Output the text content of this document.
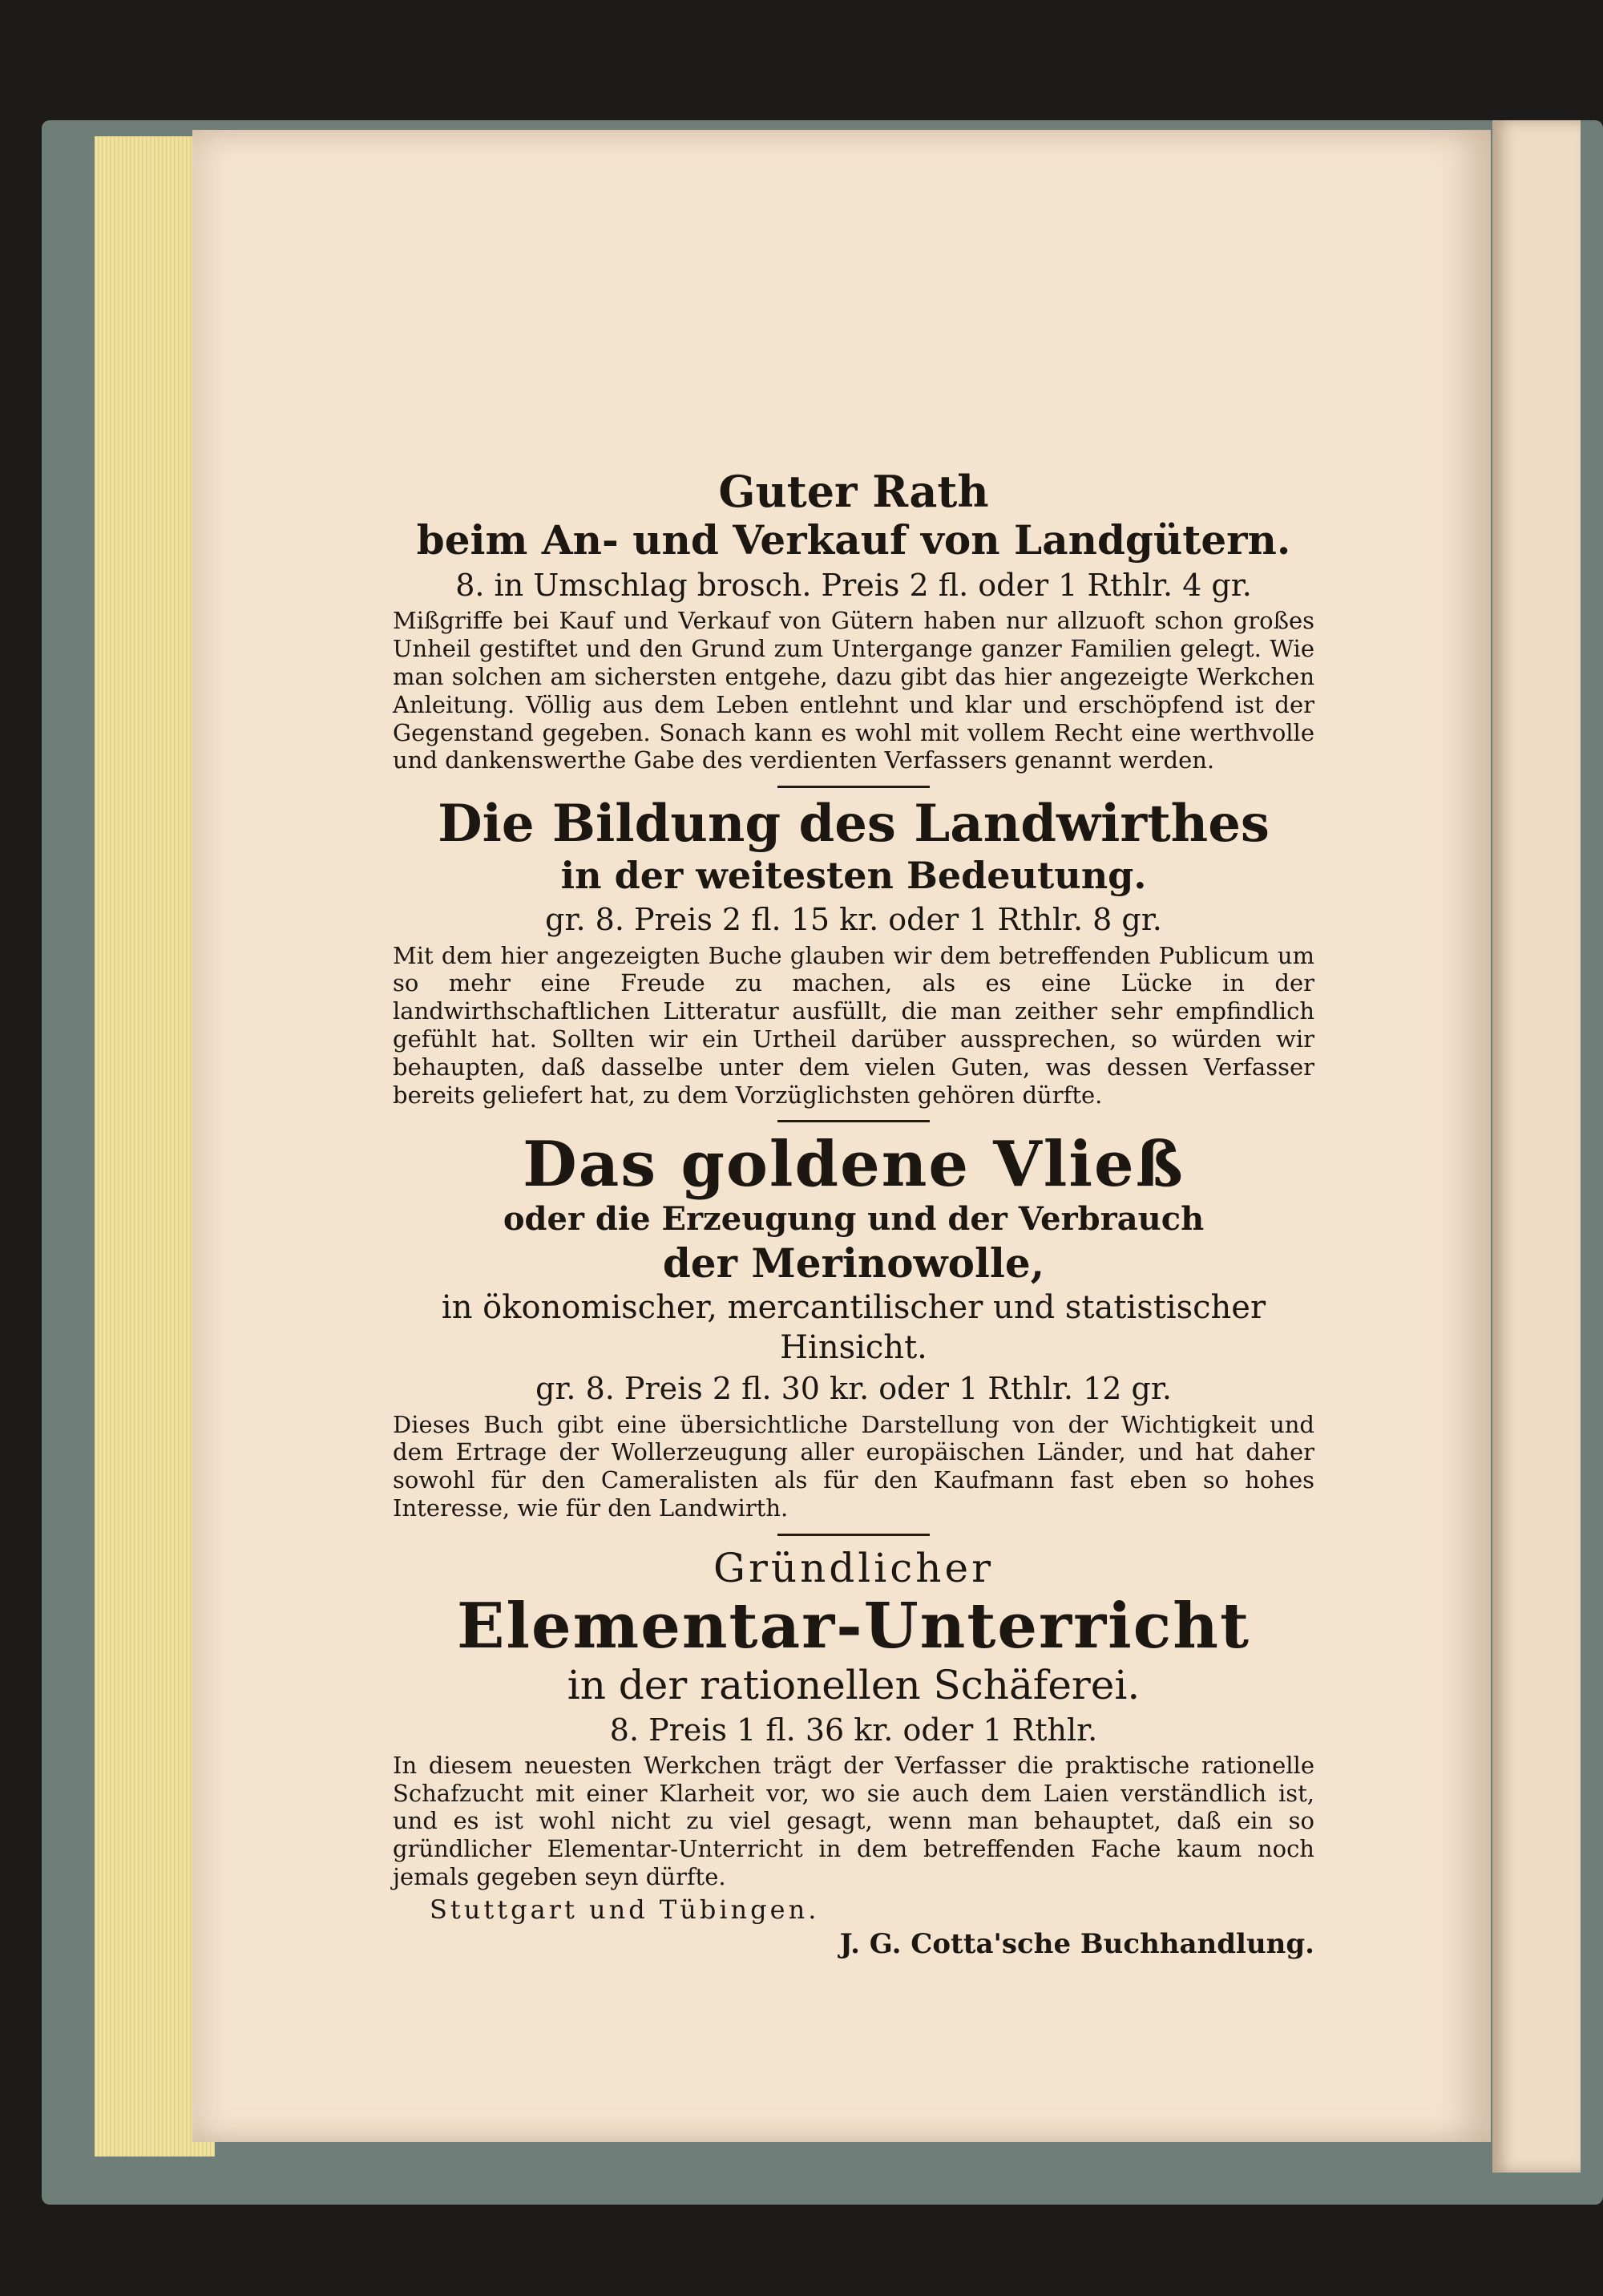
Guter Rath

beim An- und Verkauf von Landgütern.

8. in Umschlag brosch. Preis 2 fl. oder 1 Rthlr. 4 gr.

Mißgriffe bei Kauf und Verkauf von Gütern haben nur allzuoft schon großes Unheil gestiftet und den Grund zum Untergange ganzer Familien gelegt. Wie man solchen am sichersten entgehe, dazu gibt das hier angezeigte Werkchen Anleitung. Völlig aus dem Leben entlehnt und klar und erschöpfend ist der Gegenstand gegeben. Sonach kann es wohl mit vollem Recht eine werthvolle und dankenswerthe Gabe des verdienten Verfassers genannt werden.

Die Bildung des Landwirthes

in der weitesten Bedeutung.

gr. 8. Preis 2 fl. 15 kr. oder 1 Rthlr. 8 gr.

Mit dem hier angezeigten Buche glauben wir dem betreffenden Publicum um so mehr eine Freude zu machen, als es eine Lücke in der landwirthschaftlichen Litteratur ausfüllt, die man zeither sehr empfindlich gefühlt hat. Sollten wir ein Urtheil darüber aussprechen, so würden wir behaupten, daß dasselbe unter dem vielen Guten, was dessen Verfasser bereits geliefert hat, zu dem Vorzüglichsten gehören dürfte.

Das goldene Vließ

oder die Erzeugung und der Verbrauch

der Merinowolle,

in ökonomischer, mercantilischer und statistischer Hinsicht.

gr. 8. Preis 2 fl. 30 kr. oder 1 Rthlr. 12 gr.

Dieses Buch gibt eine übersichtliche Darstellung von der Wichtigkeit und dem Ertrage der Wollerzeugung aller europäischen Länder, und hat daher sowohl für den Cameralisten als für den Kaufmann fast eben so hohes Interesse, wie für den Landwirth.

Gründlicher

Elementar-Unterricht

in der rationellen Schäferei.

8. Preis 1 fl. 36 kr. oder 1 Rthlr.

In diesem neuesten Werkchen trägt der Verfasser die praktische rationelle Schafzucht mit einer Klarheit vor, wo sie auch dem Laien verständlich ist, und es ist wohl nicht zu viel gesagt, wenn man behauptet, daß ein so gründlicher Elementar-Unterricht in dem betreffenden Fache kaum noch jemals gegeben seyn dürfte.

Stuttgart und Tübingen.

J. G. Cotta'sche Buchhandlung.
